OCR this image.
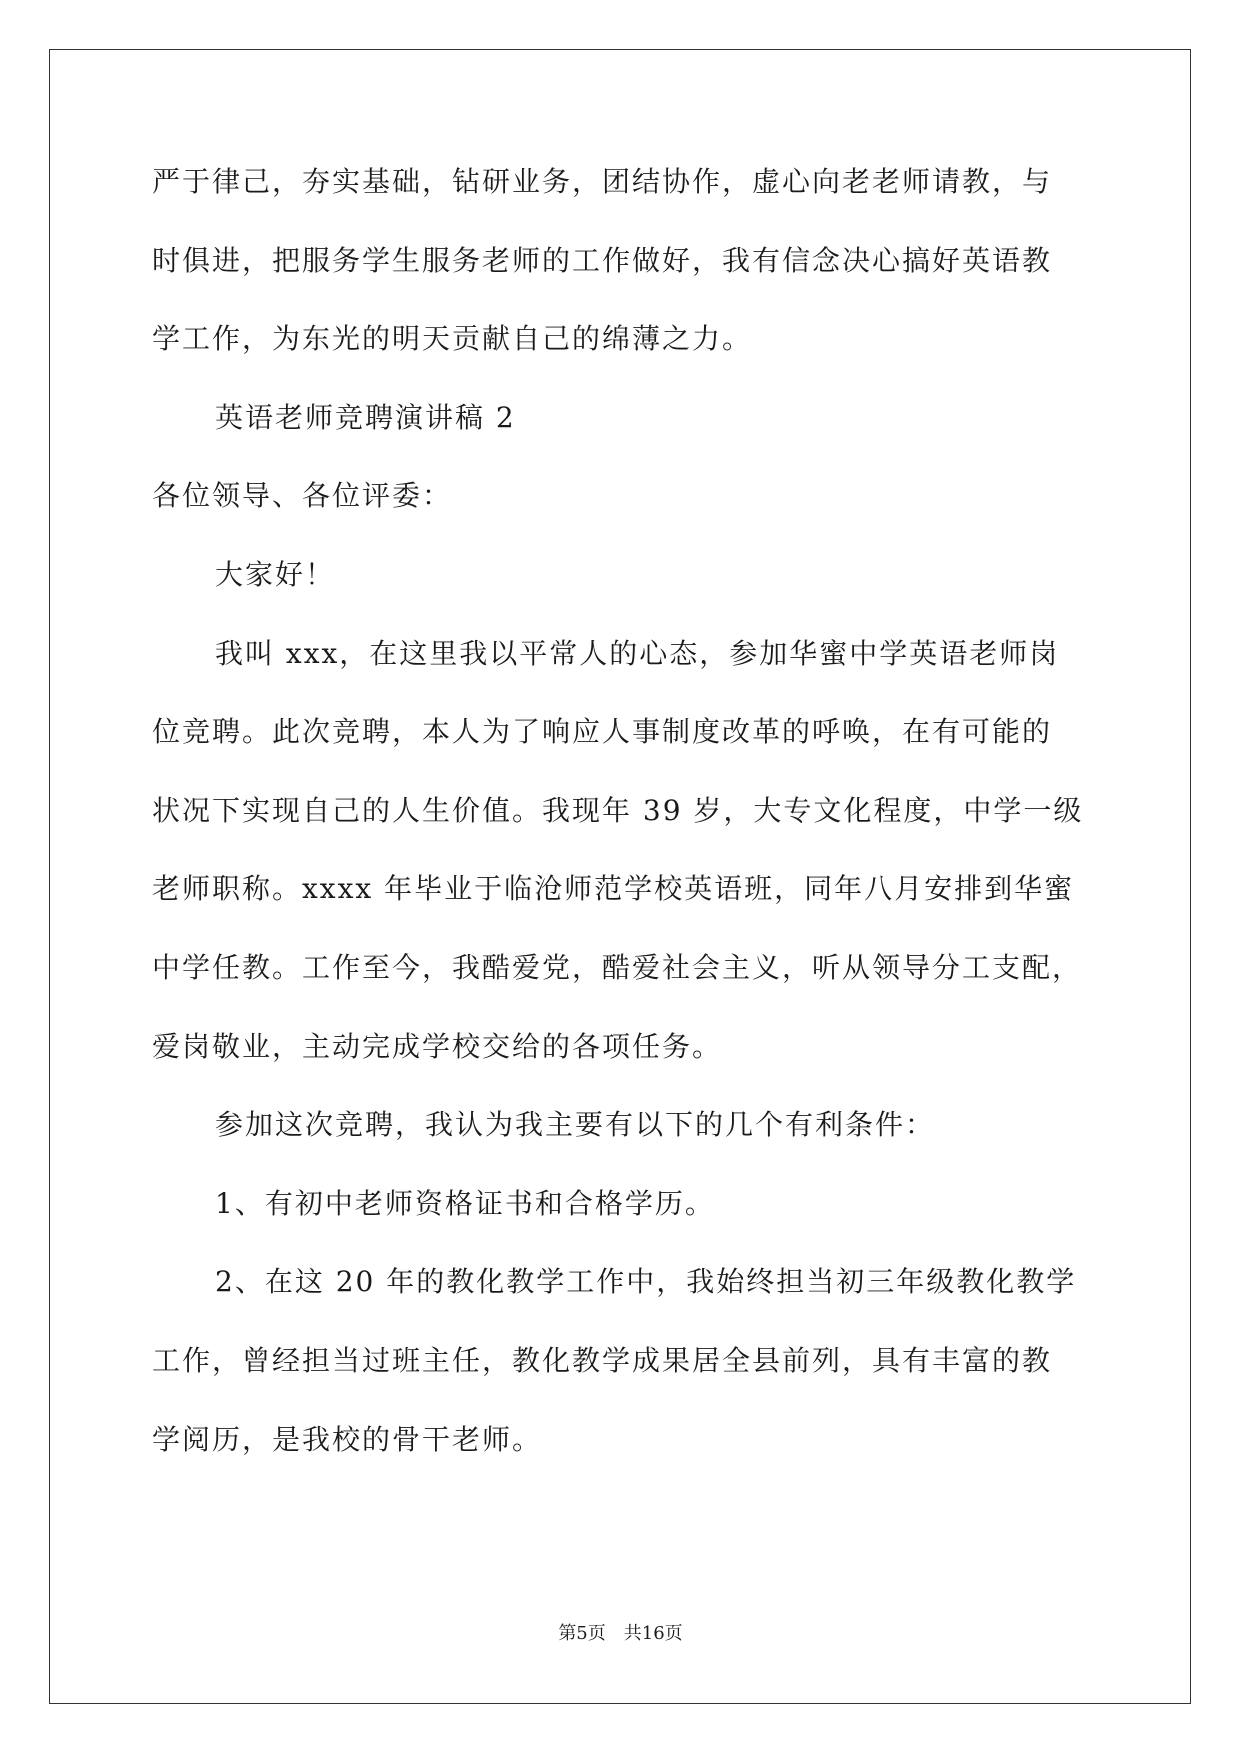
严于律己，夯实基础，钻研业务，团结协作，虚心向老老师请教，与
时俱进，把服务学生服务老师的工作做好，我有信念决心搞好英语教
学工作，为东光的明天贡献自己的绵薄之力。
英语老师竞聘演讲稿 2
各位领导、各位评委：
大家好！
我叫 xxx，在这里我以平常人的心态，参加华蜜中学英语老师岗
位竞聘。此次竞聘，本人为了响应人事制度改革的呼唤，在有可能的
状况下实现自己的人生价值。我现年 39 岁，大专文化程度，中学一级
老师职称。xxxx 年毕业于临沧师范学校英语班，同年八月安排到华蜜
中学任教。工作至今，我酷爱党，酷爱社会主义，听从领导分工支配，
爱岗敬业，主动完成学校交给的各项任务。
参加这次竞聘，我认为我主要有以下的几个有利条件：
1、有初中老师资格证书和合格学历。
2、在这 20 年的教化教学工作中，我始终担当初三年级教化教学
工作，曾经担当过班主任，教化教学成果居全县前列，具有丰富的教
学阅历，是我校的骨干老师。
第5页 共16页
